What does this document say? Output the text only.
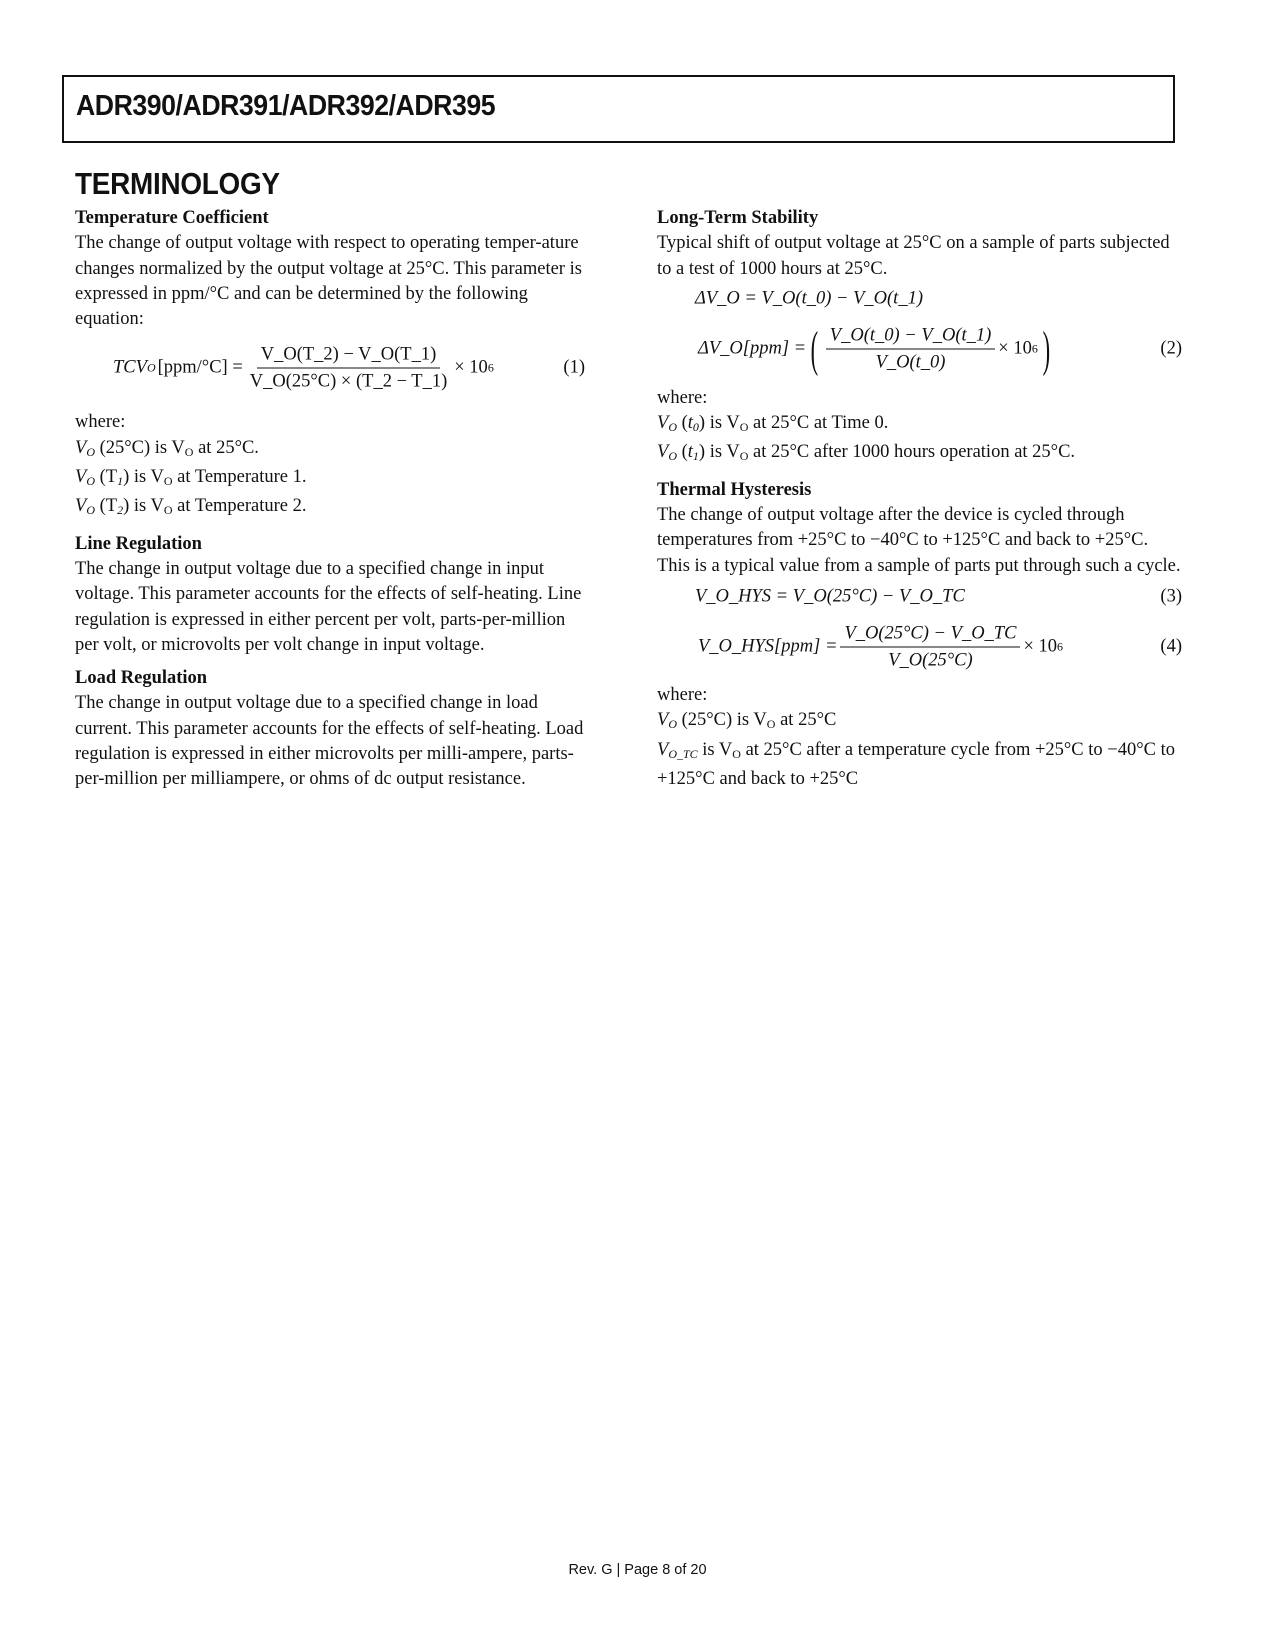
ADR390/ADR391/ADR392/ADR395
TERMINOLOGY

Temperature Coefficient

The change of output voltage with respect to operating temper-ature changes normalized by the output voltage at 25°C. This parameter is expressed in ppm/°C and can be determined by the following equation:

TCV O $[ppm/^\circ C] = \frac{V\_O(T\_2) - V\_O(T\_1)}{V\_O(25^\circ C) \times (T\_2 - T\_1)} \times 10$ 6	(1)

where:

$V_O$ (25°C) is $V_O$ at 25°C.

$V_O$ $(T_1)$ is $V_O$ at Temperature 1.

$V_O$ $(T_2)$ is $V_O$ at Temperature 2.

Line Regulation

The change in output voltage due to a specified change in input voltage. This parameter accounts for the effects of self-heating. Line regulation is expressed in either percent per volt, parts-per-million per volt, or microvolts per volt change in input voltage.

Load Regulation

The change in output voltage due to a specified change in load current. This parameter accounts for the effects of self-heating. Load regulation is expressed in either microvolts per milli-ampere, parts-per-million per milliampere, or ohms of dc output resistance.

Long-Term Stability

Typical shift of output voltage at 25°C on a sample of parts subjected to a test of 1000 hours at 25°C.

ΔV_O = V_O(t_0) − V_O(t_1)
ΔV_O[ppm] = ( $\frac{V\_O(t\_0) - V\_O(t\_1)}{V\_O(t\_0)} \times 10$ 6 )	(2)

where:

$V_O$ $(t_0)$ is $V_O$ at 25°C at Time 0.

$V_O$ $(t_1)$ is $V_O$ at 25°C after 1000 hours operation at 25°C.

Thermal Hysteresis

The change of output voltage after the device is cycled through temperatures from +25°C to −40°C to +125°C and back to +25°C. This is a typical value from a sample of parts put through such a cycle.

V_O_HYS = V_O(25°C) − V_O_TC	(3)
V_O_HYS[ppm] = $\frac{V\_O(25^\circ C) - V\_O\_TC}{V\_O(25^\circ C)} \times 10$ 6	(4)

where:

$V_O$ (25°C) is $V_O$ at 25°C

$V_{O\_TC}$ is $V_O$ at 25°C after a temperature cycle from +25°C to −40°C to +125°C and back to +25°C

Rev. G | Page 8 of 20
